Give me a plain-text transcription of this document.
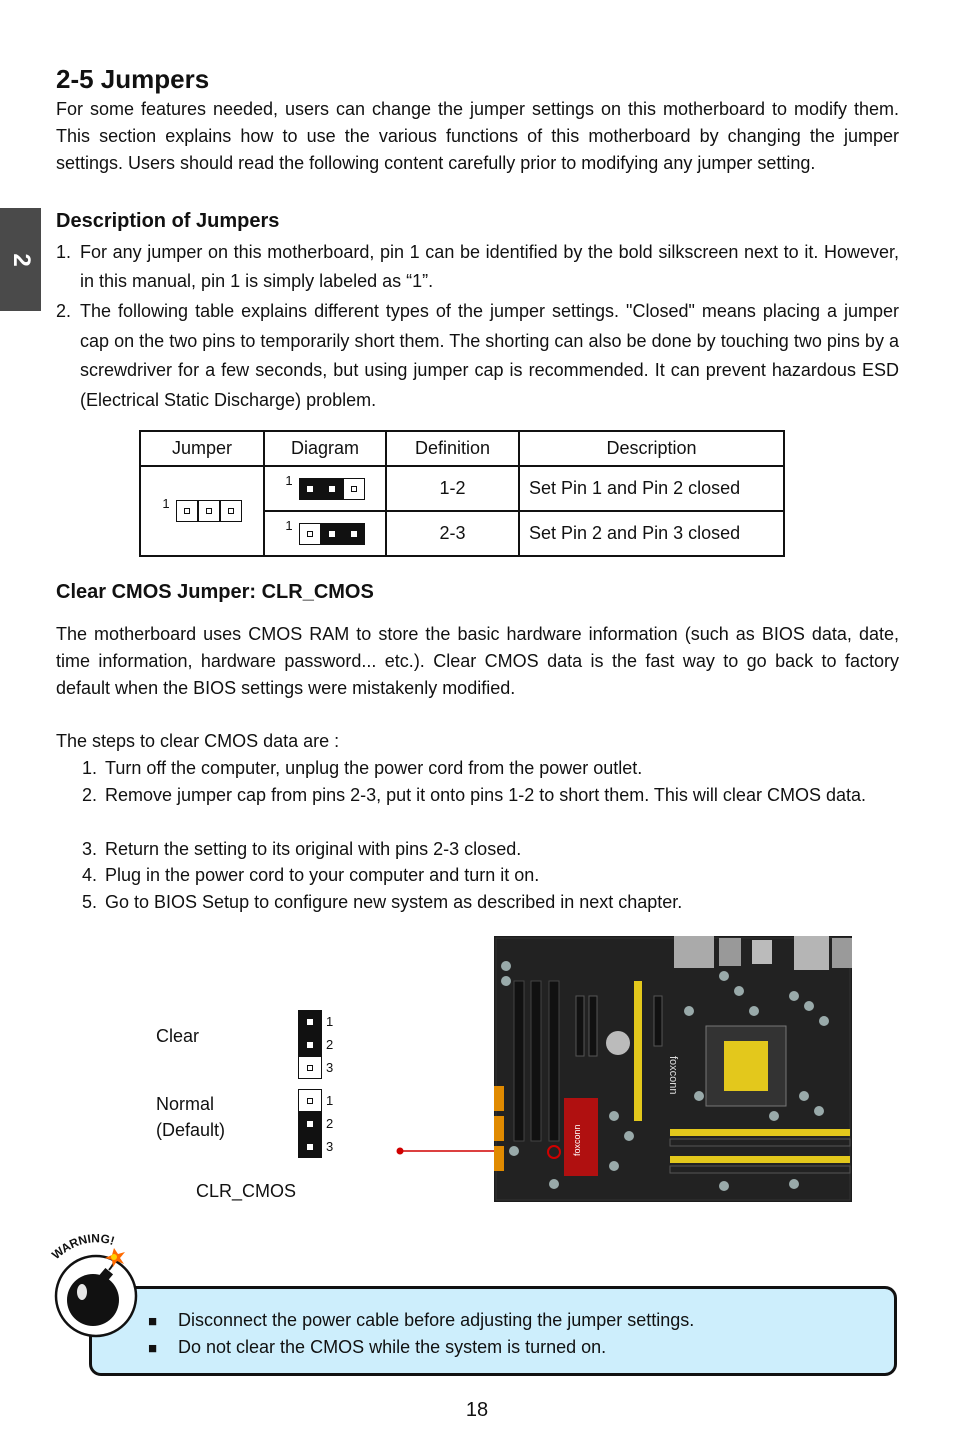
2
2-5 Jumpers

For some features needed, users can change the jumper settings on this motherboard to modify them. This section explains how to use the various functions of this motherboard by changing the jumper settings. Users should read the following content carefully prior to modifying any jumper setting.

Description of Jumpers
1. For any jumper on this motherboard, pin 1 can be identified by the bold silkscreen next to it. However, in this manual, pin 1 is simply labeled as “1”.
2. The following table explains different types of the jumper settings. "Closed" means placing a jumper cap on the two pins to temporarily short them. The shorting can also be done by touching two pins by a screwdriver for a few seconds, but using jumper cap is recommended. It can prevent hazardous ESD (Electrical Static Discharge) problem.
Jumper	Diagram	Definition	Description

1	1	1-2	Set Pin 1 and Pin 2 closed

	1	2-3	Set Pin 2 and Pin 3 closed
Clear CMOS Jumper: CLR_CMOS

The motherboard uses CMOS RAM to store the basic hardware information (such as BIOS data, date, time information, hardware password... etc.). Clear CMOS data is the fast way to go back to factory default when the BIOS settings were mistakenly modified.

The steps to clear CMOS data are :

1. Turn off the computer, unplug the power cord from the power outlet.
2. Remove jumper cap from pins 2-3, put it onto pins 1-2 to short them. This will clear CMOS data.
3. Return the setting to its original with pins 2-3 closed.
4. Plug in the power cord to your computer and turn it on.
5. Go to BIOS Setup to configure new system as described in next chapter.
Clear
Normal
(Default)
CLR_CMOS
1
2
3
1
2
3	foxconn
foxconn
WARNING!
■ Disconnect the power cable before adjusting the jumper settings.
■ Do not clear the CMOS while the system is turned on.
18
